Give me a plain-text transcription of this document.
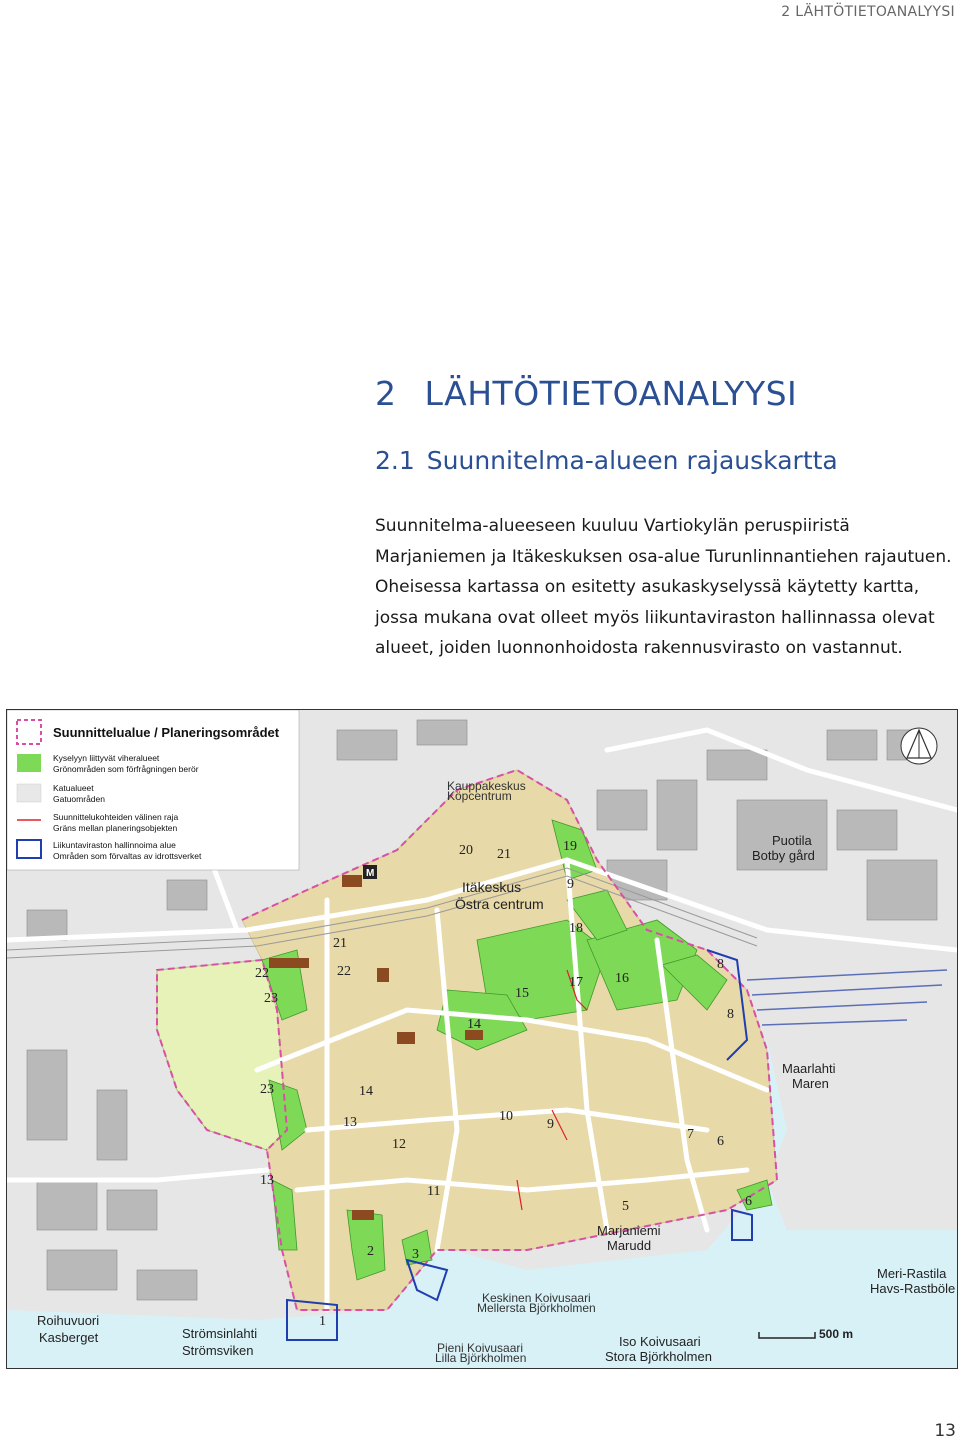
2 LÄHTÖTIETOANALYYSI
2 LÄHTÖTIETOANALYYSI
2.1 Suunnitelma-alueen rajauskartta

Suunnitelma-alueeseen kuuluu Vartiokylän peruspiiristä Marjaniemen ja Itäkeskuksen osa-alue Turunlinnantiehen rajautuen. Oheisessa kartassa on esitetty asukaskyselyssä käytetty kartta, jossa mukana ovat olleet myös liikuntaviraston hallinnassa olevat alueet, joiden luonnonhoidosta rakennusvirasto on vastannut.

Suunnittelualue / Planeringsområdet
Kyselyyn liittyvät viheralueet
Grönområden som förfrågningen berör
Katualueet
Gatuområden
Suunnittelukohteiden välinen raja
Gräns mellan planeringsobjekten
Liikuntaviraston hallinnoima alue
Områden som förvaltas av idrottsverket
M
Kauppakeskus
Köpcentrum
Itäkeskus
Östra centrum
Puotila
Botby gård
Maarlahti
Maren
Marjaniemi
Marudd
Meri-Rastila
Havs-Rastböle
Iso Koivusaari
Stora Björkholmen
Roihuvuori
Kasberget	Strömsinlahti
Strömsviken	Pieni Koivusaari
Lilla Björkholmen
Keskinen Koivusaari
Mellersta Björkholmen
1
2	3
5
6
6
7
8
8
9
9
10
11
12
13
13
14
14
15
16
17
18
19
20 21
21
22
22
23
23
500 m
13
